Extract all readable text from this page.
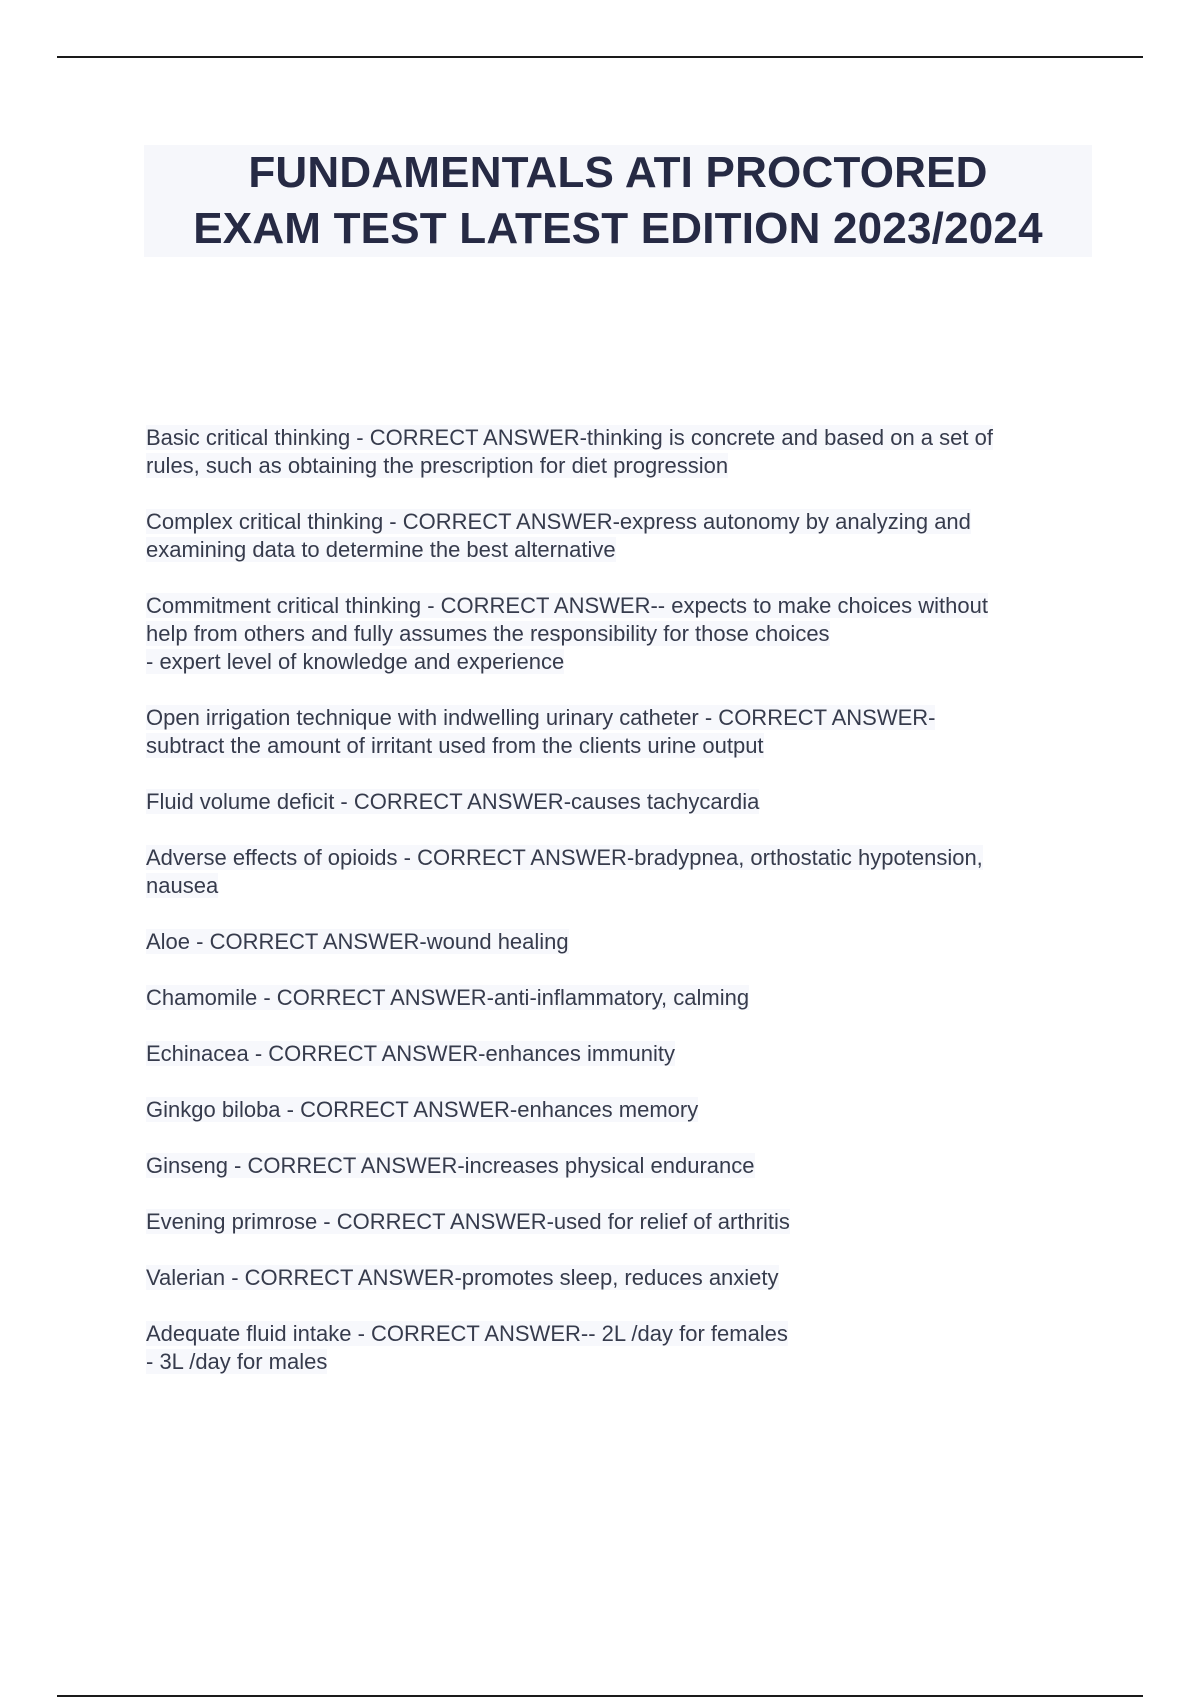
FUNDAMENTALS ATI PROCTORED
EXAM TEST LATEST EDITION 2023/2024
Basic critical thinking - CORRECT ANSWER-thinking is concrete and based on a set of
rules, such as obtaining the prescription for diet progression
Complex critical thinking - CORRECT ANSWER-express autonomy by analyzing and
examining data to determine the best alternative
Commitment critical thinking - CORRECT ANSWER-- expects to make choices without
help from others and fully assumes the responsibility for those choices
- expert level of knowledge and experience
Open irrigation technique with indwelling urinary catheter - CORRECT ANSWER-
subtract the amount of irritant used from the clients urine output
Fluid volume deficit - CORRECT ANSWER-causes tachycardia
Adverse effects of opioids - CORRECT ANSWER-bradypnea, orthostatic hypotension,
nausea
Aloe - CORRECT ANSWER-wound healing
Chamomile - CORRECT ANSWER-anti-inflammatory, calming
Echinacea - CORRECT ANSWER-enhances immunity
Ginkgo biloba - CORRECT ANSWER-enhances memory
Ginseng - CORRECT ANSWER-increases physical endurance
Evening primrose - CORRECT ANSWER-used for relief of arthritis
Valerian - CORRECT ANSWER-promotes sleep, reduces anxiety
Adequate fluid intake - CORRECT ANSWER-- 2L /day for females
- 3L /day for males
